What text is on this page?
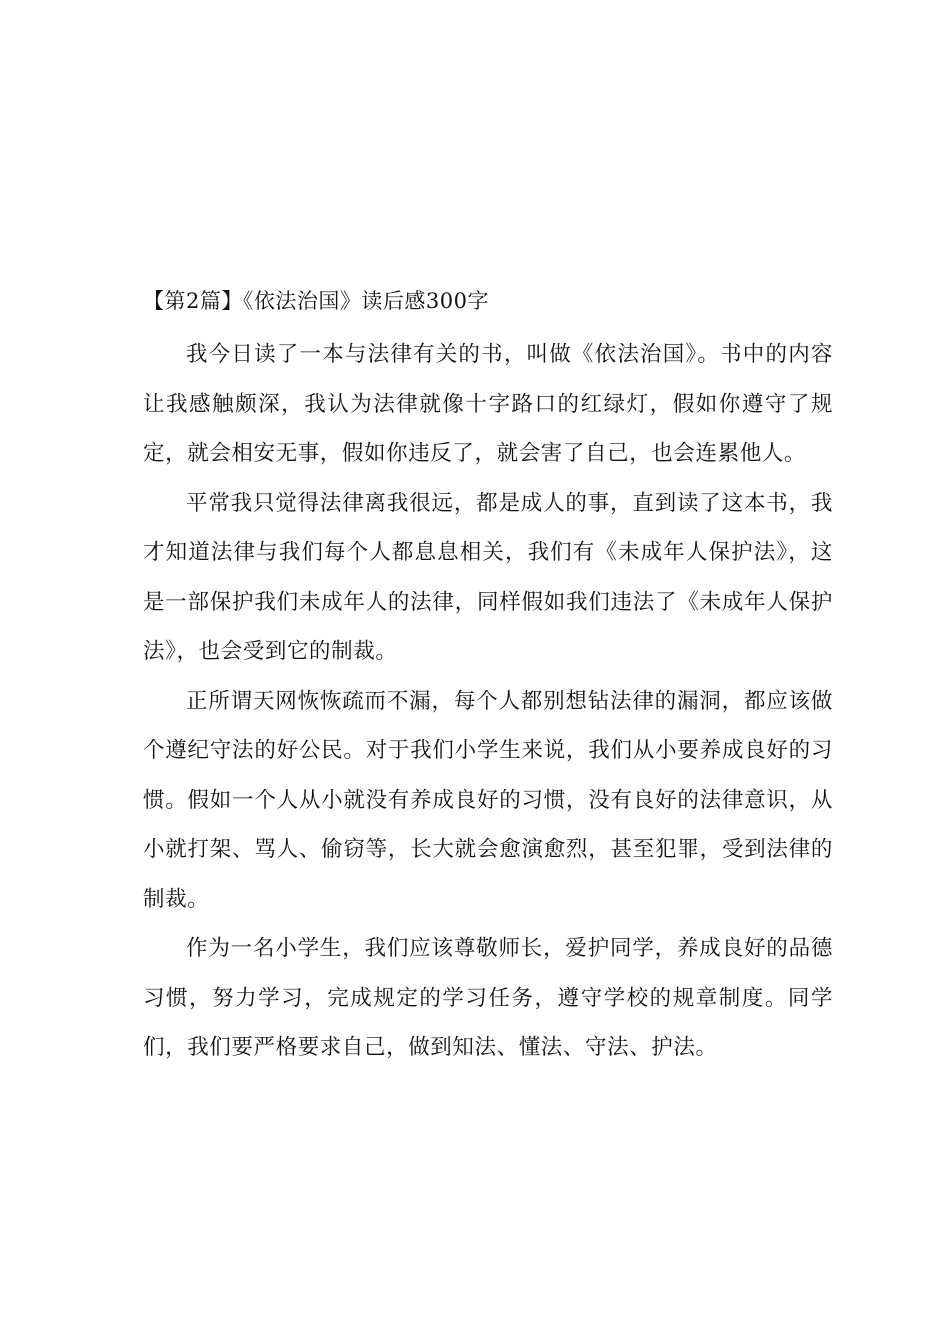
【第2篇】《依法治国》读后感300字

我今日读了一本与法律有关的书，叫做《依法治国》。书中的内容让我感触颇深，我认为法律就像十字路口的红绿灯，假如你遵守了规定，就会相安无事，假如你违反了，就会害了自己，也会连累他人。

平常我只觉得法律离我很远，都是成人的事，直到读了这本书，我才知道法律与我们每个人都息息相关，我们有《未成年人保护法》，这是一部保护我们未成年人的法律，同样假如我们违法了《未成年人保护法》，也会受到它的制裁。

正所谓天网恢恢疏而不漏，每个人都别想钻法律的漏洞，都应该做个遵纪守法的好公民。对于我们小学生来说，我们从小要养成良好的习惯。假如一个人从小就没有养成良好的习惯，没有良好的法律意识，从小就打架、骂人、偷窃等，长大就会愈演愈烈，甚至犯罪，受到法律的制裁。

作为一名小学生，我们应该尊敬师长，爱护同学，养成良好的品德习惯，努力学习，完成规定的学习任务，遵守学校的规章制度。同学们，我们要严格要求自己，做到知法、懂法、守法、护法。
